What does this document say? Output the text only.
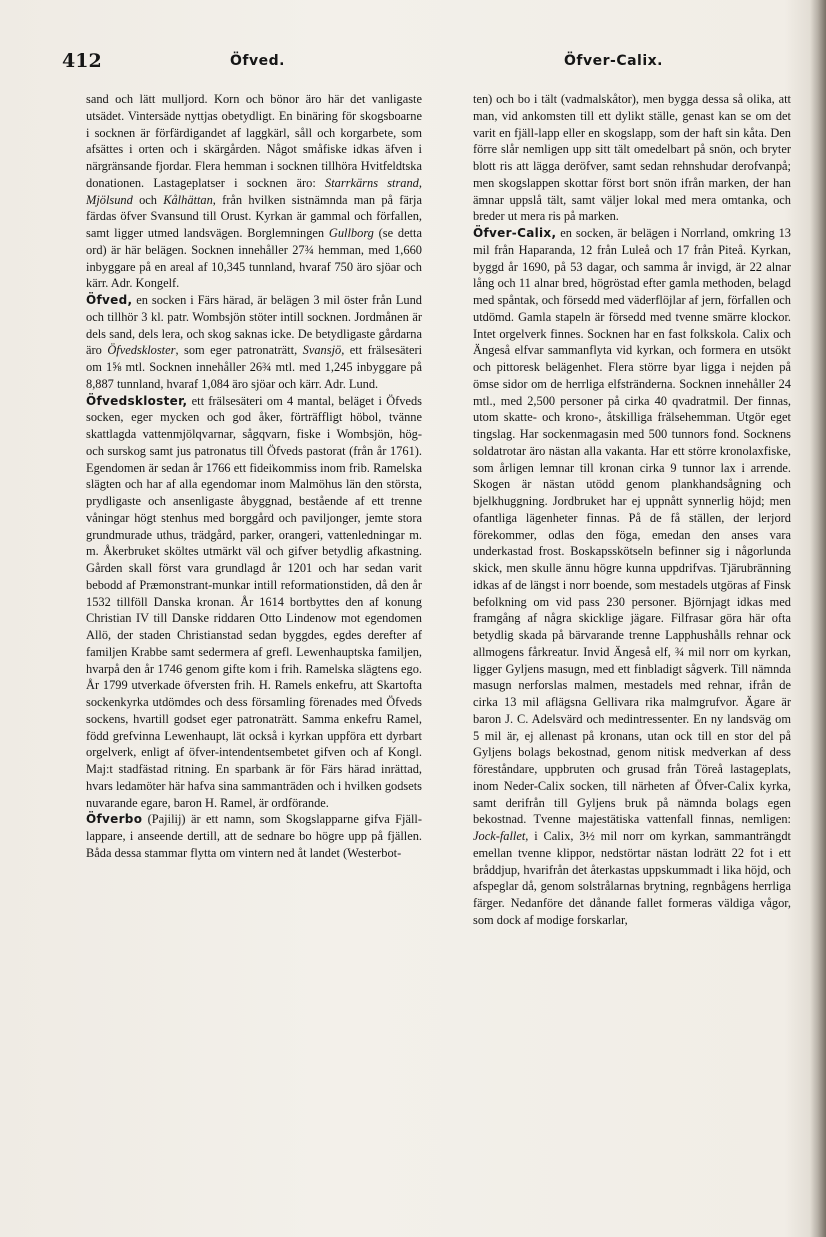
412	Öfved.	Öfver-Calix.

sand och lätt mulljord. Korn och bönor äro här det vanligaste utsädet. Vintersäde nyttjas obetydligt. En binäring för skogsboarne i socknen är förfärdigandet af laggkärl, såll och korgarbete, som afsättes i orten och i skärgården. Något småfiske idkas äfven i närgränsande fjordar. Flera hemman i socknen tillhöra Hvitfeldtska donationen. Lastageplatser i socknen äro: Starrkärns strand, Mjölsund och Kålhättan, från hvilken sistnämnda man på färja färdas öfver Svansund till Orust. Kyrkan är gammal och förfallen, samt ligger utmed landsvägen. Borglemningen Gullborg (se detta ord) är här belägen. Socknen innehåller 27¾ hemman, med 1,660 inbyggare på en areal af 10,345 tunnland, hvaraf 750 äro sjöar och kärr. Adr. Kongelf.

Öfved, en socken i Färs härad, är belägen 3 mil öster från Lund och tillhör 3 kl. patr. Wombsjön stöter intill socknen. Jordmånen är dels sand, dels lera, och skog saknas icke. De betydligaste gårdarna äro Öfvedskloster, som eger patronaträtt, Svansjö, ett frälsesäteri om 1⅝ mtl. Socknen innehåller 26¾ mtl. med 1,245 inbyggare på 8,887 tunnland, hvaraf 1,084 äro sjöar och kärr. Adr. Lund.

Öfvedskloster, ett frälsesäteri om 4 mantal, beläget i Öfveds socken, eger mycken och god åker, förträffligt höbol, tvänne skattlagda vattenmjölqvarnar, sågqvarn, fiske i Wombsjön, hög- och surskog samt jus patronatus till Öfveds pastorat (från år 1761). Egendomen är sedan år 1766 ett fideikommiss inom frib. Ramelska slägten och har af alla egendomar inom Malmöhus län den största, prydligaste och ansenligaste åbyggnad, bestående af ett trenne våningar högt stenhus med borggård och paviljonger, jemte stora grundmurade uthus, trädgård, parker, orangeri, vattenledningar m. m. Åkerbruket sköltes utmärkt väl och gifver betydlig afkastning. Gården skall först vara grundlagd år 1201 och har sedan varit bebodd af Præmonstrant-munkar intill reformationstiden, då den år 1532 tillföll Danska kronan. År 1614 bortbyttes den af konung Christian IV till Danske riddaren Otto Lindenow mot egendomen Allö, der staden Christianstad sedan byggdes, egdes derefter af familjen Krabbe samt sedermera af grefl. Lewenhauptska familjen, hvarpå den år 1746 genom gifte kom i frih. Ramelska slägtens ego. År 1799 utverkade öfversten frih. H. Ramels enkefru, att Skartofta sockenkyrka utdömdes och dess församling förenades med Öfveds sockens, hvartill godset eger patronaträtt. Samma enkefru Ramel, född grefvinna Lewenhaupt, lät också i kyrkan uppföra ett dyrbart orgelverk, enligt af öfver-intendentsembetet gifven och af Kongl. Maj:t stadfästad ritning. En sparbank är för Färs härad inrättad, hvars ledamöter här hafva sina sammanträden och i hvilken godsets nuvarande egare, baron H. Ramel, är ordförande.

Öfverbo (Pajilij) är ett namn, som Skogslapparne gifva Fjäll-lappare, i anseende dertill, att de sednare bo högre upp på fjällen. Båda dessa stammar flytta om vintern ned åt landet (Westerbot-

ten) och bo i tält (vadmalskåtor), men bygga dessa så olika, att man, vid ankomsten till ett dylikt ställe, genast kan se om det varit en fjäll-lapp eller en skogslapp, som der haft sin kåta. Den förre slår nemligen upp sitt tält omedelbart på snön, och bryter blott ris att lägga deröfver, samt sedan rehnshudar derofvanpå; men skogslappen skottar först bort snön ifrån marken, der han ämnar uppslå tält, samt väljer lokal med mera omtanka, och breder ut mera ris på marken.

Öfver-Calix, en socken, är belägen i Norrland, omkring 13 mil från Haparanda, 12 från Luleå och 17 från Piteå. Kyrkan, byggd år 1690, på 53 dagar, och samma år invigd, är 22 alnar lång och 11 alnar bred, högröstad efter gamla methoden, belagd med spåntak, och försedd med väderflöjlar af jern, förfallen och utdömd. Gamla stapeln är försedd med tvenne smärre klockor. Intet orgelverk finnes. Socknen har en fast folkskola. Calix och Ängeså elfvar sammanflyta vid kyrkan, och formera en utsökt och pittoresk belägenhet. Flera större byar ligga i nejden på ömse sidor om de herrliga elfstränderna. Socknen innehåller 24 mtl., med 2,500 personer på cirka 40 qvadratmil. Der finnas, utom skatte- och krono-, åtskilliga frälsehemman. Utgör eget tingslag. Har sockenmagasin med 500 tunnors fond. Socknens soldatrotar äro nästan alla vakanta. Har ett större kronolaxfiske, som årligen lemnar till kronan cirka 9 tunnor lax i arrende. Skogen är nästan utödd genom plankhandsågning och bjelkhuggning. Jordbruket har ej uppnått synnerlig höjd; men ofantliga lägenheter finnas. På de få ställen, der lerjord förekommer, odlas den föga, emedan den anses vara underkastad frost. Boskapsskötseln befinner sig i någorlunda skick, men skulle ännu högre kunna uppdrifvas. Tjärubränning idkas af de längst i norr boende, som mestadels utgöras af Finsk befolkning om vid pass 230 personer. Björnjagt idkas med framgång af några skicklige jägare. Filfrasar göra här ofta betydlig skada på bärvarande trenne Lapphushålls rehnar ock allmogens fårkreatur. Invid Ängeså elf, ¾ mil norr om kyrkan, ligger Gyljens masugn, med ett finbladigt sågverk. Till nämnda masugn nerforslas malmen, mestadels med rehnar, ifrån de cirka 13 mil aflägsna Gellivara rika malmgrufvor. Ägare är baron J. C. Adelsvärd och medintressenter. En ny landsväg om 5 mil är, ej allenast på kronans, utan ock till en stor del på Gyljens bolags bekostnad, genom nitisk medverkan af dess föreståndare, uppbruten och grusad från Töreå lastageplats, inom Neder-Calix socken, till närheten af Öfver-Calix kyrka, samt derifrån till Gyljens bruk på nämnda bolags egen bekostnad. Tvenne majestätiska vattenfall finnas, nemligen: Jock-fallet, i Calix, 3½ mil norr om kyrkan, sammanträngdt emellan tvenne klippor, nedstörtar nästan lodrätt 22 fot i ett bråddjup, hvarifrån det återkastas uppskummadt i lika höjd, och afspeglar då, genom solstrålarnas brytning, regnbågens herrliga färger. Nedanföre det dånande fallet formeras väldiga vågor, som dock af modige forskarlar,
